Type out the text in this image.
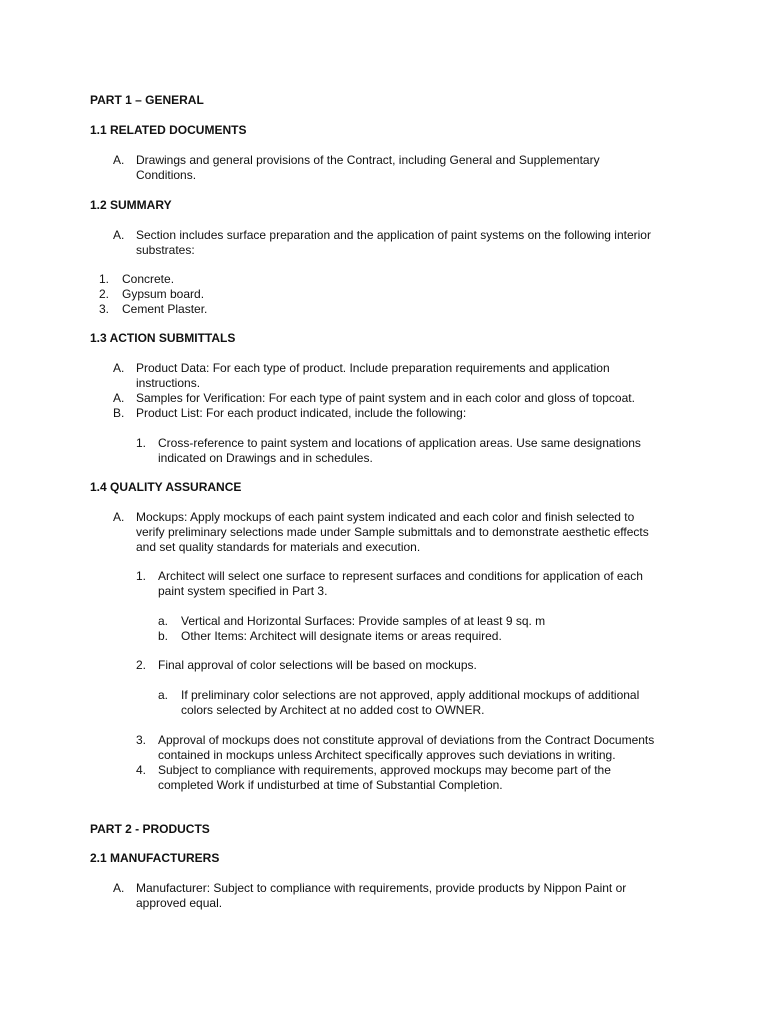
PART 1 – GENERAL
1.1 RELATED DOCUMENTS
A. Drawings and general provisions of the Contract, including General and Supplementary
Conditions.
1.2 SUMMARY
A. Section includes surface preparation and the application of paint systems on the following interior
substrates:
1. Concrete.
2. Gypsum board.
3. Cement Plaster.
1.3 ACTION SUBMITTALS
A. Product Data: For each type of product. Include preparation requirements and application
instructions.
A. Samples for Verification: For each type of paint system and in each color and gloss of topcoat.
B. Product List: For each product indicated, include the following:
1. Cross-reference to paint system and locations of application areas. Use same designations
indicated on Drawings and in schedules.
1.4 QUALITY ASSURANCE
A. Mockups: Apply mockups of each paint system indicated and each color and finish selected to
verify preliminary selections made under Sample submittals and to demonstrate aesthetic effects
and set quality standards for materials and execution.
1. Architect will select one surface to represent surfaces and conditions for application of each
paint system specified in Part 3.
a. Vertical and Horizontal Surfaces: Provide samples of at least 9 sq. m
b. Other Items: Architect will designate items or areas required.
2. Final approval of color selections will be based on mockups.
a. If preliminary color selections are not approved, apply additional mockups of additional
colors selected by Architect at no added cost to OWNER.
3. Approval of mockups does not constitute approval of deviations from the Contract Documents
contained in mockups unless Architect specifically approves such deviations in writing.
4. Subject to compliance with requirements, approved mockups may become part of the
completed Work if undisturbed at time of Substantial Completion.
PART 2 - PRODUCTS
2.1 MANUFACTURERS
A. Manufacturer: Subject to compliance with requirements, provide products by Nippon Paint or
approved equal.
